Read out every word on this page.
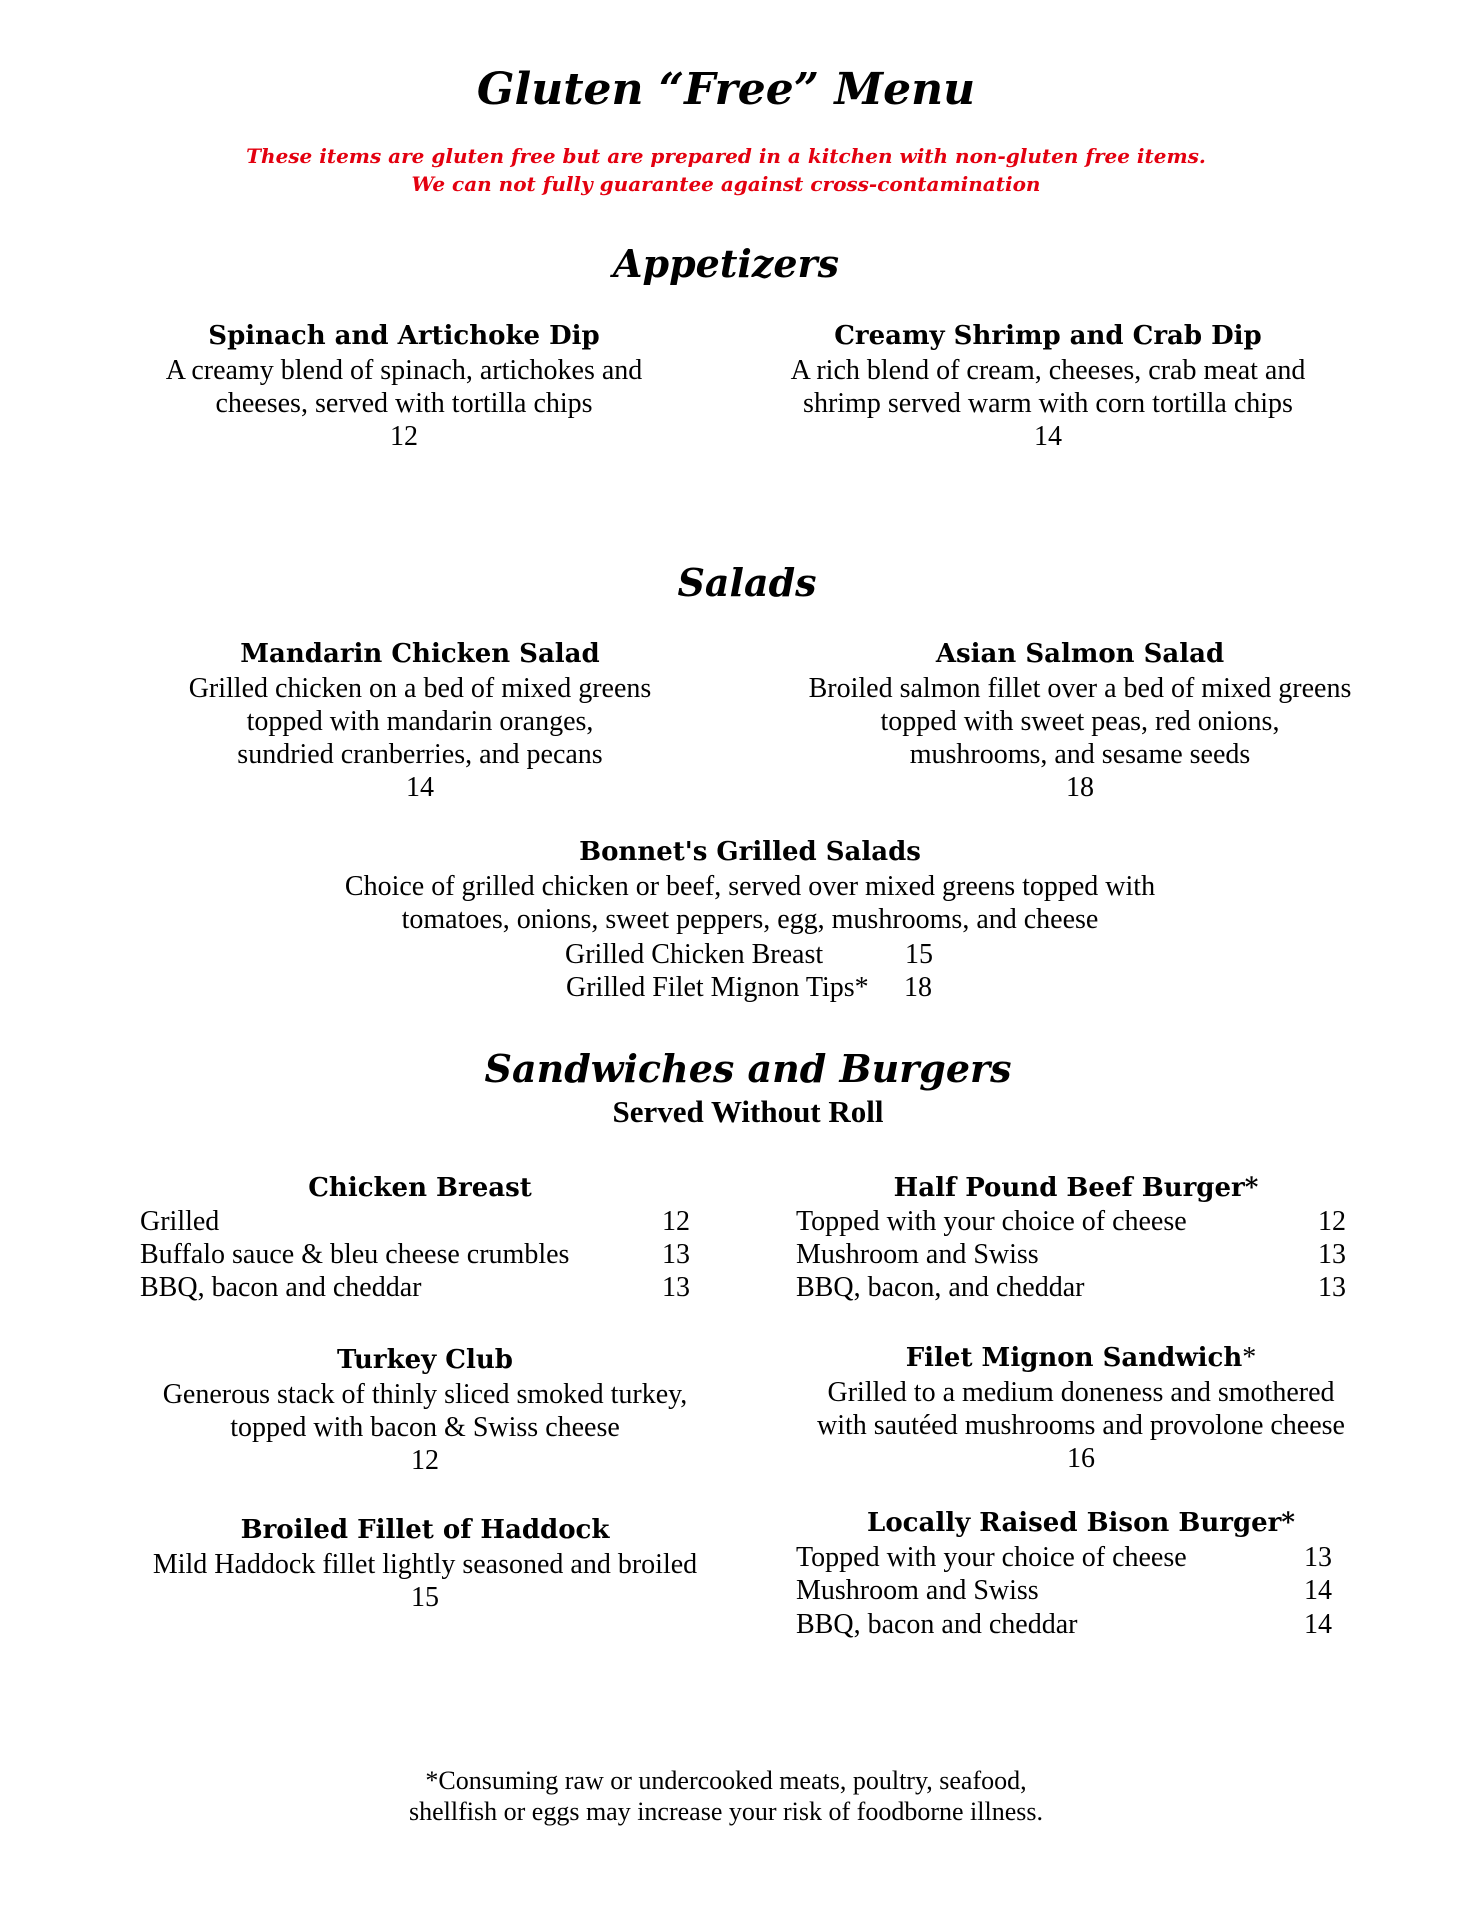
Gluten “Free” Menu
These items are gluten free but are prepared in a kitchen with non-gluten free items.
We can not fully guarantee against cross-contamination
Appetizers
Spinach and Artichoke Dip
A creamy blend of spinach, artichokes and
cheeses, served with tortilla chips
12
Creamy Shrimp and Crab Dip
A rich blend of cream, cheeses, crab meat and
shrimp served warm with corn tortilla chips
14
Salads
Mandarin Chicken Salad
Grilled chicken on a bed of mixed greens
topped with mandarin oranges,
sundried cranberries, and pecans
14
Asian Salmon Salad
Broiled salmon fillet over a bed of mixed greens
topped with sweet peas, red onions,
mushrooms, and sesame seeds
18
Bonnet's Grilled Salads
Choice of grilled chicken or beef, served over mixed greens topped with
tomatoes, onions, sweet peppers, egg, mushrooms, and cheese
Grilled Chicken Breast	15
Grilled Filet Mignon Tips* 18
Sandwiches and Burgers
Served Without Roll
Chicken Breast
Grilled	12
Buffalo sauce & bleu cheese crumbles	13
BBQ, bacon and cheddar	13
Half Pound Beef Burger*
Topped with your choice of cheese	12
Mushroom and Swiss	13
BBQ, bacon, and cheddar	13
Turkey Club
Generous stack of thinly sliced smoked turkey,
topped with bacon & Swiss cheese
12
Filet Mignon Sandwich*
Grilled to a medium doneness and smothered
with sautéed mushrooms and provolone cheese
16
Broiled Fillet of Haddock
Mild Haddock fillet lightly seasoned and broiled
15
Locally Raised Bison Burger*
Topped with your choice of cheese	13
Mushroom and Swiss	14
BBQ, bacon and cheddar	14
*Consuming raw or undercooked meats, poultry, seafood,
shellfish or eggs may increase your risk of foodborne illness.
